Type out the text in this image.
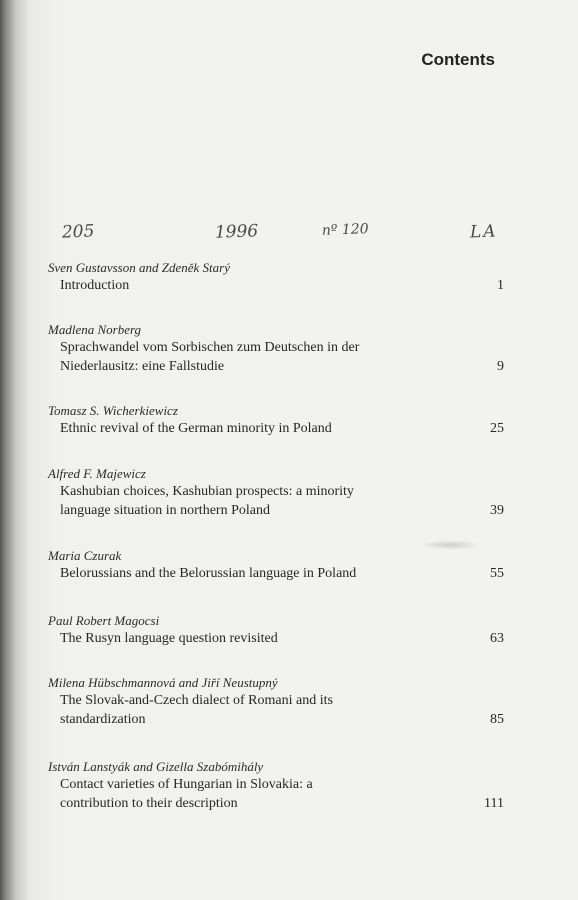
Contents
205	1996	nº 120	LA
Sven Gustavsson and Zdeněk Starý
Introduction	1
Madlena Norberg
Sprachwandel vom Sorbischen zum Deutschen in der
Niederlausitz: eine Fallstudie	9
Tomasz S. Wicherkiewicz
Ethnic revival of the German minority in Poland	25
Alfred F. Majewicz
Kashubian choices, Kashubian prospects: a minority
language situation in northern Poland	39
Maria Czurak
Belorussians and the Belorussian language in Poland	55
Paul Robert Magocsi
The Rusyn language question revisited	63
Milena Hübschmannová and Jiří Neustupný
The Slovak-and-Czech dialect of Romani and its
standardization	85
István Lanstyák and Gizella Szabómihály
Contact varieties of Hungarian in Slovakia: a
contribution to their description	111
